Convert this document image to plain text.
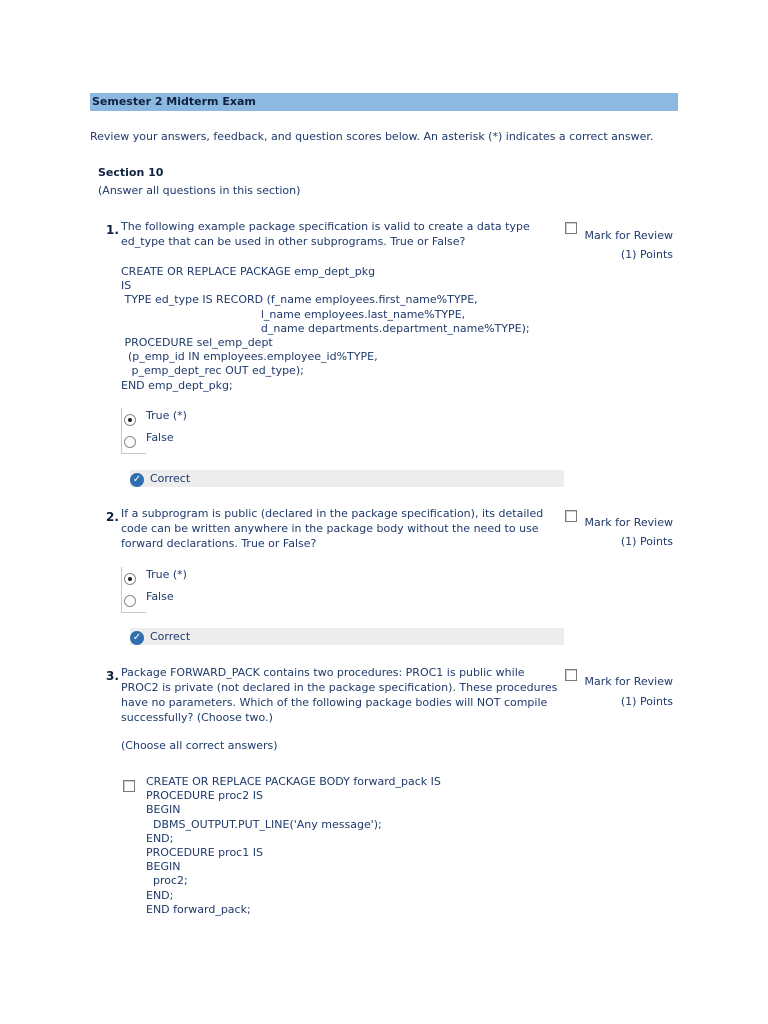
Semester 2 Midterm Exam
Review your answers, feedback, and question scores below. An asterisk (*) indicates a correct answer.
Section 10
(Answer all questions in this section)
1. The following example package specification is valid to create a data type ed_type that can be used in other subprograms. True or False?	Mark for Review
(1) Points
CREATE OR REPLACE PACKAGE emp_dept_pkg
IS
TYPE ed_type IS RECORD (f_name employees.first_name%TYPE,
l_name employees.last_name%TYPE,
d_name departments.department_name%TYPE);
PROCEDURE sel_emp_dept
(p_emp_id IN employees.employee_id%TYPE,
p_emp_dept_rec OUT ed_type);
END emp_dept_pkg;
True (*)
False
✓ Correct
2. If a subprogram is public (declared in the package specification), its detailed code can be written anywhere in the package body without the need to use forward declarations. True or False?
Mark for Review
(1) Points
True (*)
False
✓ Correct
3. Package FORWARD_PACK contains two procedures: PROC1 is public while PROC2 is private (not declared in the package specification). These procedures have no parameters. Which of the following package bodies will NOT compile successfully? (Choose two.)
Mark for Review
(1) Points
(Choose all correct answers)
CREATE OR REPLACE PACKAGE BODY forward_pack IS
PROCEDURE proc2 IS
BEGIN
DBMS_OUTPUT.PUT_LINE('Any message');
END;
PROCEDURE proc1 IS
BEGIN
proc2;
END;
END forward_pack;
